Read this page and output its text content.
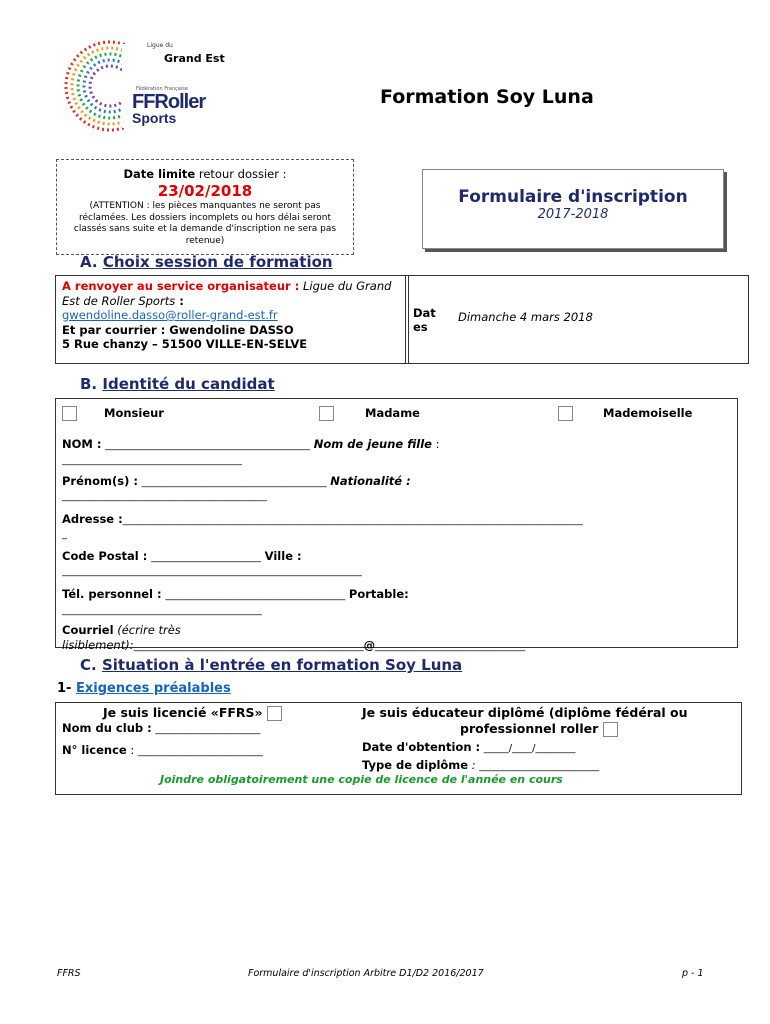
Ligue du
Grand Est
Fédération Française
FFRoller
Sports
Formation Soy Luna
Date limite retour dossier :
23/02/2018
(ATTENTION : les pièces manquantes ne seront pas réclamées. Les dossiers incomplets ou hors délai seront classés sans suite et la demande d'inscription ne sera pas retenue)
Formulaire d'inscription
2017-2018
A. Choix session de formation
A renvoyer au service organisateur : Ligue du Grand Est de Roller Sports :
gwendoline.dasso@roller-grand-est.fr
Et par courrier : Gwendoline DASSO
5 Rue chanzy – 51500 VILLE-EN-SELVE
Dat
es
Dimanche 4 mars 2018
B. Identité du candidat
Monsieur	Madame	Mademoiselle
NOM : _________________________________________ Nom de jeune fille :
____________________________________
Prénom(s) : _____________________________________ Nationalité :
_________________________________________
Adresse :____________________________________________________________________________________________
_
Code Postal : ______________________ Ville :
____________________________________________________________
Tél. personnel : ____________________________________ Portable:
________________________________________
Courriel (écrire très
lisiblement):______________________________________________@______________________________
C. Situation à l'entrée en formation Soy Luna
1- Exigences préalables
Je suis licencié «FFRS»
Nom du club : _____________________
N° licence : _________________________
Je suis éducateur diplômé (diplôme fédéral ou
professionnel roller
Date d'obtention : _____/____/________
Type de diplôme : ________________________
Joindre obligatoirement une copie de licence de l'année en cours
FFRS	Formulaire d'inscription Arbitre D1/D2 2016/2017	p - 1
